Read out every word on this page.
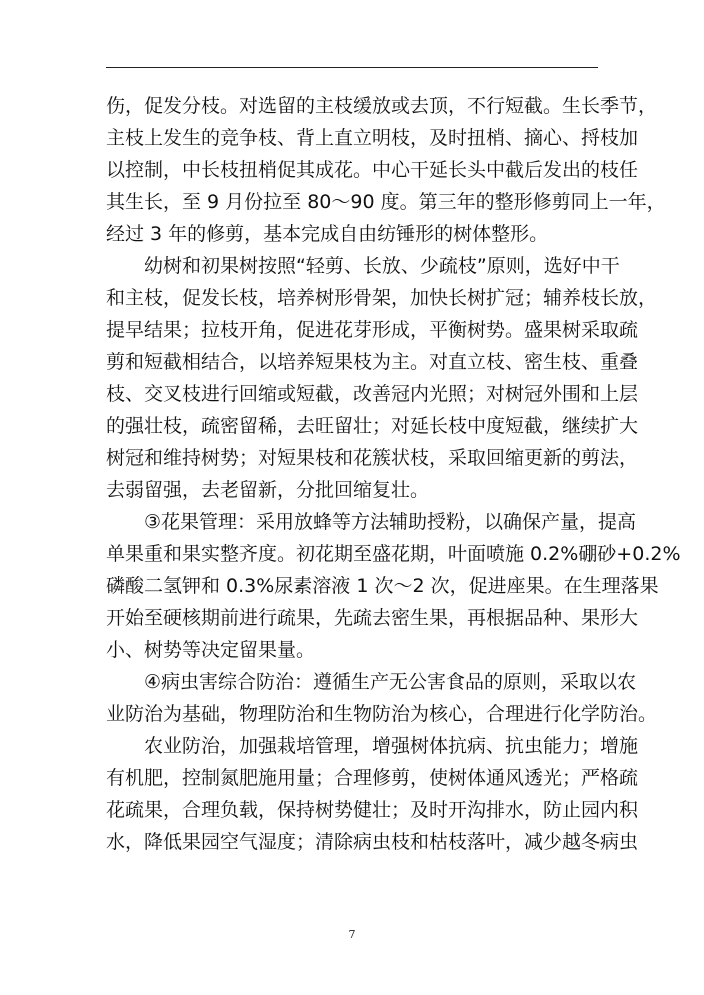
伤，促发分枝。对选留的主枝缓放或去顶，不行短截。生长季节，
主枝上发生的竞争枝、背上直立明枝，及时扭梢、摘心、捋枝加
以控制，中长枝扭梢促其成花。中心干延长头中截后发出的枝任
其生长，至 9 月份拉至 80～90 度。第三年的整形修剪同上一年，
经过 3 年的修剪，基本完成自由纺锤形的树体整形。
幼树和初果树按照“轻剪、长放、少疏枝”原则，选好中干
和主枝，促发长枝，培养树形骨架，加快长树扩冠；辅养枝长放，
提早结果；拉枝开角，促进花芽形成，平衡树势。盛果树采取疏
剪和短截相结合，以培养短果枝为主。对直立枝、密生枝、重叠
枝、交叉枝进行回缩或短截，改善冠内光照；对树冠外围和上层
的强壮枝，疏密留稀，去旺留壮；对延长枝中度短截，继续扩大
树冠和维持树势；对短果枝和花簇状枝，采取回缩更新的剪法，
去弱留强，去老留新，分批回缩复壮。
③花果管理：采用放蜂等方法辅助授粉，以确保产量，提高
单果重和果实整齐度。初花期至盛花期，叶面喷施 0.2%硼砂+0.2%
磷酸二氢钾和 0.3%尿素溶液 1 次～2 次，促进座果。在生理落果
开始至硬核期前进行疏果，先疏去密生果，再根据品种、果形大
小、树势等决定留果量。
④病虫害综合防治：遵循生产无公害食品的原则，采取以农
业防治为基础，物理防治和生物防治为核心，合理进行化学防治。
农业防治，加强栽培管理，增强树体抗病、抗虫能力；增施
有机肥，控制氮肥施用量；合理修剪，使树体通风透光；严格疏
花疏果，合理负载，保持树势健壮；及时开沟排水，防止园内积
水，降低果园空气湿度；清除病虫枝和枯枝落叶，减少越冬病虫
7
